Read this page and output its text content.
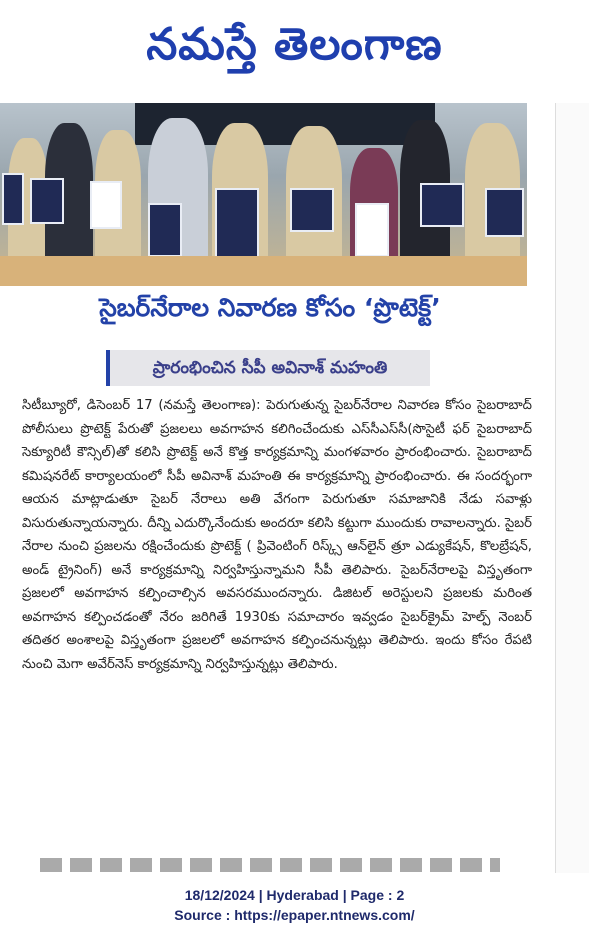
నమస్తే తెలంగాణ
సైబర్‌నేరాల నివారణ కోసం ‘ప్రొటెక్ట్’
ప్రారంభించిన సీపీ అవినాశ్ మహంతి
సిటీబ్యూరో, డిసెంబర్ 17 (నమస్తే తెలంగాణ): పెరుగుతున్న సైబర్‌నేరాల నివారణ కోసం సైబరాబాద్ పోలీసులు ప్రొటెక్ట్ పేరుతో ప్రజలలు అవగాహన కలిగించేందుకు ఎస్‌సీఎస్‌సీ(సొసైటీ ఫర్ సైబరాబాద్ సెక్యూరిటీ కౌన్సిల్)తో కలిసి ప్రొటెక్ట్ అనే కొత్త కార్యక్రమాన్ని మంగళవారం ప్రారంభించారు. సైబరాబాద్ కమిషనరేట్ కార్యాలయంలో సీపీ అవినాశ్ మహంతి ఈ కార్యక్రమాన్ని ప్రారంభించారు. ఈ సందర్భంగా ఆయన మాట్లాడుతూ సైబర్ నేరాలు అతి వేగంగా పెరుగుతూ సమాజానికి నేడు సవాళ్లు విసురుతున్నాయన్నారు. దీన్ని ఎదుర్కొనేందుకు అందరూ కలిసి కట్టుగా ముందుకు రావాలన్నారు. సైబర్ నేరాల నుంచి ప్రజలను రక్షించేందుకు ప్రొటెక్ట్ ( ప్రివెంటింగ్ రిస్క్స్ ఆన్‌లైన్ త్రూ ఎడ్యుకేషన్, కొలబ్రేషన్, అండ్ ట్రైనింగ్) అనే కార్యక్రమాన్ని నిర్వహిస్తున్నామని సీపీ తెలిపారు. సైబర్‌నేరాలపై విస్తృతంగా ప్రజలలో అవగాహన కల్పించాల్సిన అవసరముందన్నారు. డిజిటల్ అరెస్టులని ప్రజలకు మరింత అవగాహన కల్పించడంతో నేరం జరిగితే 1930కు సమాచారం ఇవ్వడం సైబర్‌క్రైమ్ హెల్ప్ నెంబర్ తదితర అంశాలపై విస్తృతంగా ప్రజలలో అవగాహన కల్పించనున్నట్లు తెలిపారు. ఇందు కోసం రేపటి నుంచి మెగా అవేర్‌నెస్ కార్యక్రమాన్ని నిర్వహిస్తున్నట్లు తెలిపారు.
18/12/2024 | Hyderabad | Page : 2
Source : https://epaper.ntnews.com/
